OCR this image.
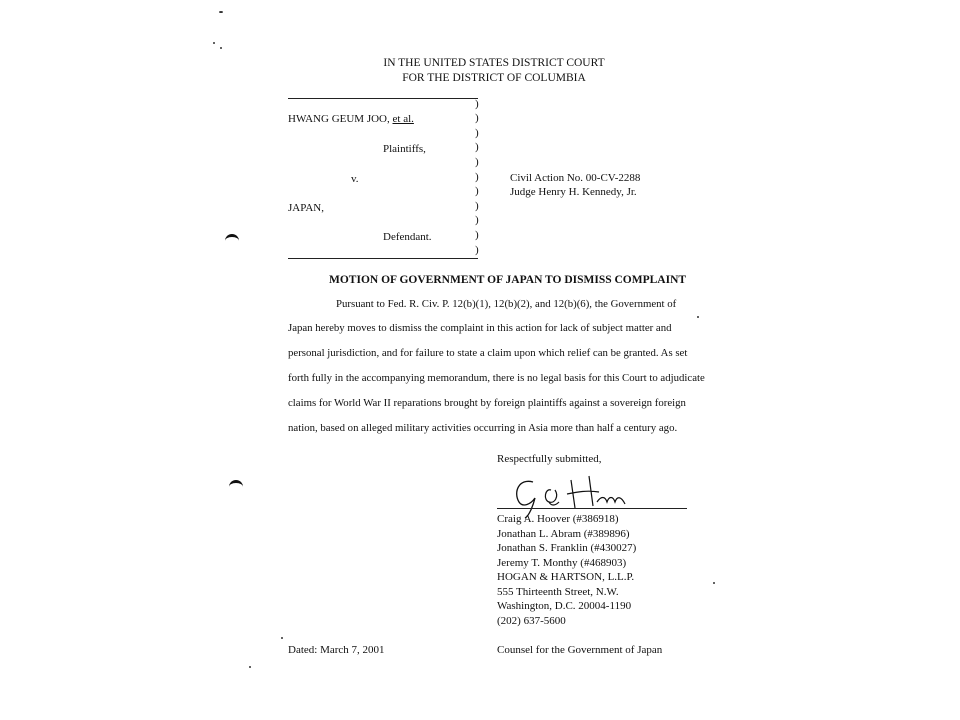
IN THE UNITED STATES DISTRICT COURT
FOR THE DISTRICT OF COLUMBIA
HWANG GEUM JOO, et al.
Plaintiffs,
v.
JAPAN,
Defendant.
)
)
)
)
)
)
)
)
)
)
)
Civil Action No. 00-CV-2288
Judge Henry H. Kennedy, Jr.
MOTION OF GOVERNMENT OF JAPAN TO DISMISS COMPLAINT
Pursuant to Fed. R. Civ. P. 12(b)(1), 12(b)(2), and 12(b)(6), the Government of
Japan hereby moves to dismiss the complaint in this action for lack of subject matter and
personal jurisdiction, and for failure to state a claim upon which relief can be granted. As set
forth fully in the accompanying memorandum, there is no legal basis for this Court to adjudicate
claims for World War II reparations brought by foreign plaintiffs against a sovereign foreign
nation, based on alleged military activities occurring in Asia more than half a century ago.
Respectfully submitted,
Craig A. Hoover (#386918)
Jonathan L. Abram (#389896)
Jonathan S. Franklin (#430027)
Jeremy T. Monthy (#468903)
HOGAN & HARTSON, L.L.P.
555 Thirteenth Street, N.W.
Washington, D.C. 20004-1190
(202) 637-5600
Dated: March 7, 2001	Counsel for the Government of Japan
